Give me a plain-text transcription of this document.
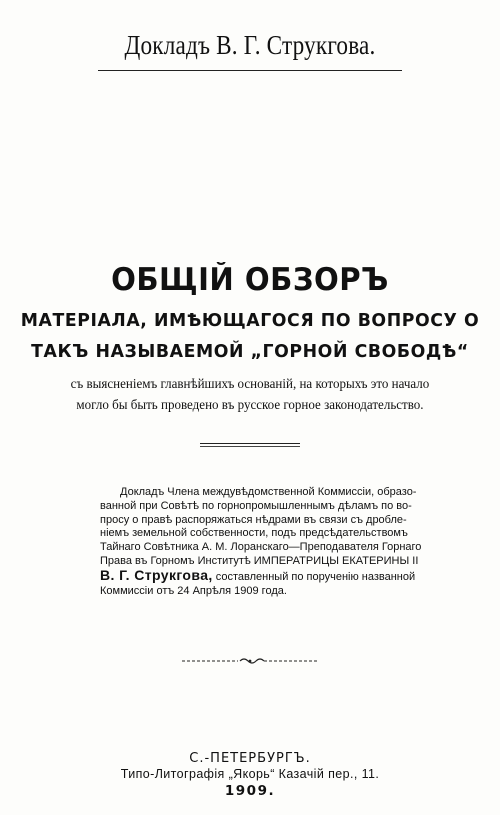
Докладъ В. Г. Струкгова.
ОБЩІЙ ОБЗОРЪ
МАТЕРІАЛА, ИМѢЮЩАГОСЯ ПО ВОПРОСУ О
ТАКЪ НАЗЫВАЕМОЙ „ГОРНОЙ СВОБОДѢ“
съ выясненіемъ главнѣйшихъ основаній, на которыхъ это начало
могло бы быть проведено въ русское горное законодательство.
Докладъ Члена междувѣдомственной Коммиссіи, образо-
ванной при Совѣтѣ по горнопромышленнымъ дѣламъ по во-
просу о правѣ распоряжаться нѣдрами въ связи съ дробле-
ніемъ земельной собственности, подъ предсѣдательствомъ
Тайнаго Совѣтника А. М. Лоранскаго—Преподавателя Горнаго
Права въ Горномъ Институтѣ ИМПЕРАТРИЦЫ ЕКАТЕРИНЫ II
В. Г. Струкгова, составленный по порученію названной
Коммиссіи отъ 24 Апрѣля 1909 года.
С.-ПЕТЕРБУРГЪ.
Типо-Литографія „Якорь“ Казачій пер., 11.
1909.
